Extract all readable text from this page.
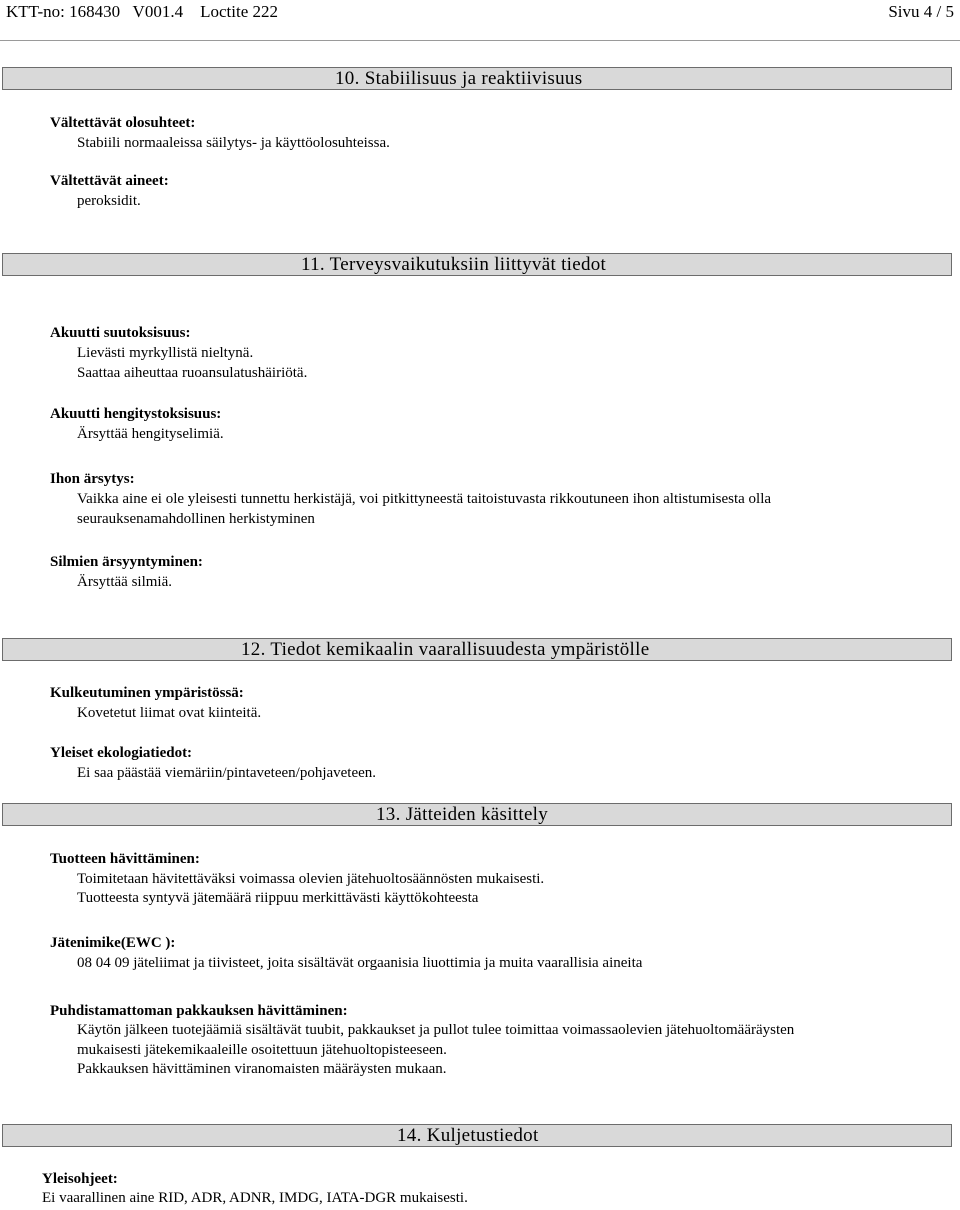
KTT-no: 168430   V001.4    Loctite 222	Sivu 4 / 5
10. Stabiilisuus ja reaktiivisuus
Vältettävät olosuhteet:
Stabiili normaaleissa säilytys- ja käyttöolosuhteissa.
Vältettävät aineet:
peroksidit.
11. Terveysvaikutuksiin liittyvät tiedot
Akuutti suutoksisuus:
Lievästi myrkyllistä nieltynä.
Saattaa aiheuttaa ruoansulatushäiriötä.
Akuutti hengitystoksisuus:
Ärsyttää hengityselimiä.
Ihon ärsytys:
Vaikka aine ei ole yleisesti tunnettu herkistäjä, voi pitkittyneestä taitoistuvasta rikkoutuneen ihon altistumisesta olla
seurauksenamahdollinen herkistyminen
Silmien ärsyyntyminen:
Ärsyttää silmiä.
12. Tiedot kemikaalin vaarallisuudesta ympäristölle
Kulkeutuminen ympäristössä:
Kovetetut liimat ovat kiinteitä.
Yleiset ekologiatiedot:
Ei saa päästää viemäriin/pintaveteen/pohjaveteen.
13. Jätteiden käsittely
Tuotteen hävittäminen:
Toimitetaan hävitettäväksi voimassa olevien jätehuoltosäännösten mukaisesti.
Tuotteesta syntyvä jätemäärä riippuu merkittävästi käyttökohteesta
Jätenimike(EWC ):
08 04 09 jäteliimat ja tiivisteet, joita sisältävät orgaanisia liuottimia ja muita vaarallisia aineita
Puhdistamattoman pakkauksen hävittäminen:
Käytön jälkeen tuotejäämiä sisältävät tuubit, pakkaukset ja pullot tulee toimittaa voimassaolevien jätehuoltomääräysten
mukaisesti jätekemikaaleille osoitettuun jätehuoltopisteeseen.
Pakkauksen hävittäminen viranomaisten määräysten mukaan.
14. Kuljetustiedot
Yleisohjeet:
Ei vaarallinen aine RID, ADR, ADNR, IMDG, IATA-DGR mukaisesti.
